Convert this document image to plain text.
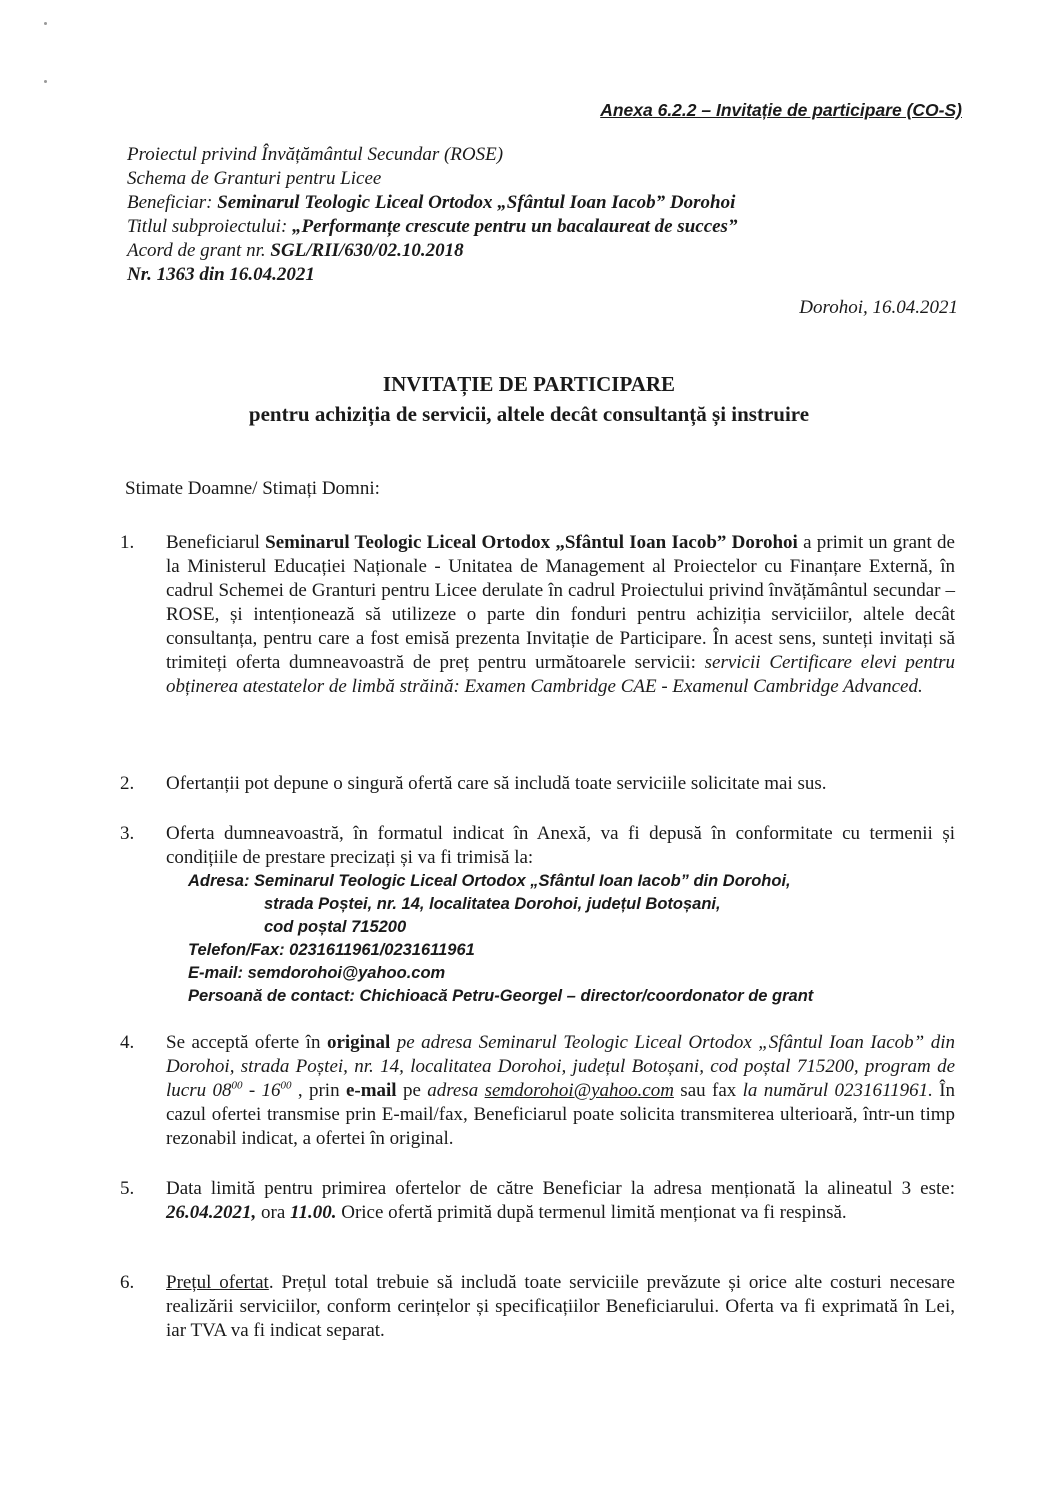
Anexa 6.2.2 – Invitație de participare (CO-S)
Proiectul privind Învățământul Secundar (ROSE)
Schema de Granturi pentru Licee
Beneficiar: Seminarul Teologic Liceal Ortodox „Sfântul Ioan Iacob” Dorohoi
Titlul subproiectului: „Performanțe crescute pentru un bacalaureat de succes”
Acord de grant nr. SGL/RII/630/02.10.2018
Nr. 1363 din 16.04.2021
Dorohoi, 16.04.2021
INVITAȚIE DE PARTICIPARE
pentru achiziția de servicii, altele decât consultanță și instruire
Stimate Doamne/ Stimați Domni:
1. Beneficiarul Seminarul Teologic Liceal Ortodox „Sfântul Ioan Iacob” Dorohoi a primit un grant de la Ministerul Educației Naționale - Unitatea de Management al Proiectelor cu Finanțare Externă, în cadrul Schemei de Granturi pentru Licee derulate în cadrul Proiectului privind învățământul secundar – ROSE, și intenționează să utilizeze o parte din fonduri pentru achiziția serviciilor, altele decât consultanța, pentru care a fost emisă prezenta Invitație de Participare. În acest sens, sunteți invitați să trimiteți oferta dumneavoastră de preț pentru următoarele servicii: servicii Certificare elevi pentru obținerea atestatelor de limbă străină: Examen Cambridge CAE - Examenul Cambridge Advanced.
2. Ofertanții pot depune o singură ofertă care să includă toate serviciile solicitate mai sus.
3. Oferta dumneavoastră, în formatul indicat în Anexă, va fi depusă în conformitate cu termenii și condițiile de prestare precizați și va fi trimisă la:
Adresa: Seminarul Teologic Liceal Ortodox „Sfântul Ioan Iacob” din Dorohoi,
strada Poștei, nr. 14, localitatea Dorohoi, județul Botoșani,
cod poștal 715200
Telefon/Fax: 0231611961/0231611961
E-mail: semdorohoi@yahoo.com
Persoană de contact: Chichioacă Petru-Georgel – director/coordonator de grant
4. Se acceptă oferte în original pe adresa Seminarul Teologic Liceal Ortodox „Sfântul Ioan Iacob” din Dorohoi, strada Poștei, nr. 14, localitatea Dorohoi, județul Botoșani, cod poștal 715200, program de lucru $08^{00} - 16^{00}$ , prin e-mail pe adresa semdorohoi@yahoo.com sau fax la numărul 0231611961. În cazul ofertei transmise prin E-mail/fax, Beneficiarul poate solicita transmiterea ulterioară, într-un timp rezonabil indicat, a ofertei în original.
5. Data limită pentru primirea ofertelor de către Beneficiar la adresa menționată la alineatul 3 este: 26.04.2021, ora 11.00. Orice ofertă primită după termenul limită menționat va fi respinsă.
6. Prețul ofertat. Prețul total trebuie să includă toate serviciile prevăzute și orice alte costuri necesare realizării serviciilor, conform cerințelor și specificațiilor Beneficiarului. Oferta va fi exprimată în Lei, iar TVA va fi indicat separat.
